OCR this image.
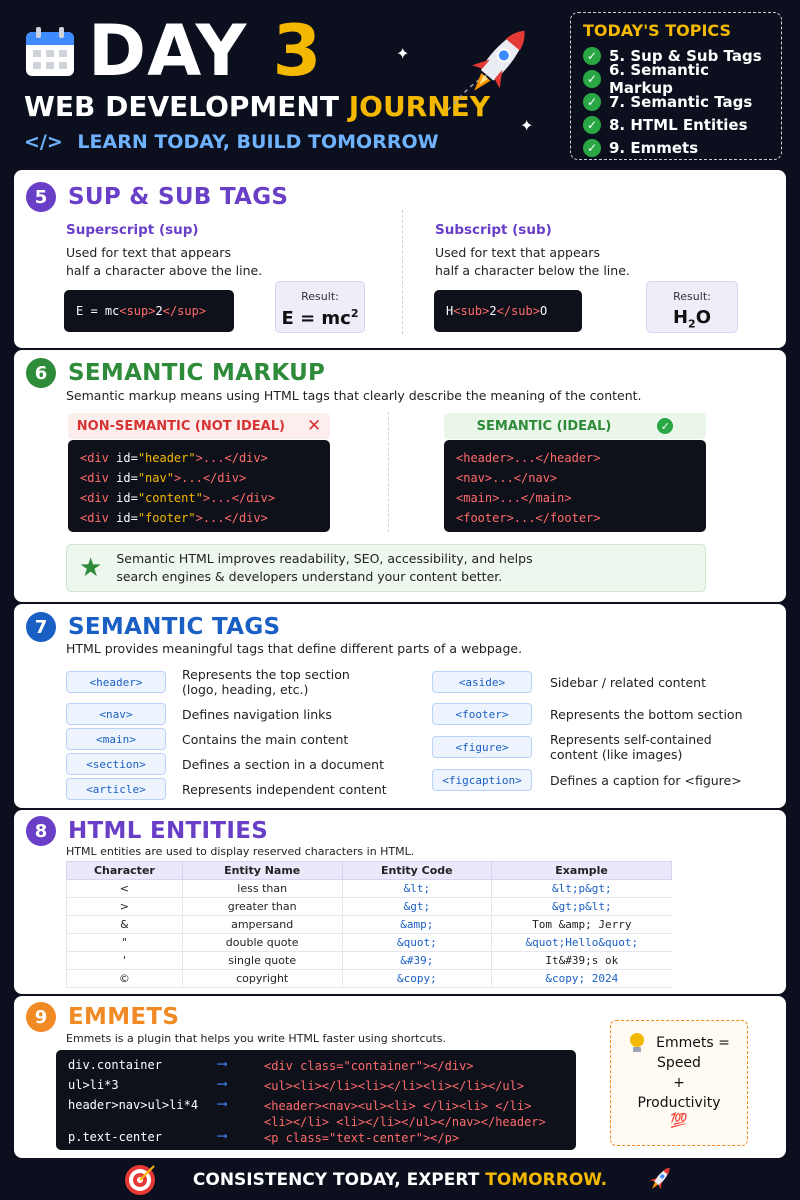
DAY 3
WEB DEVELOPMENT JOURNEY
</> LEARN TODAY, BUILD TOMORROW
✦
✦
TODAY'S TOPICS
✓ 5. Sup & Sub Tags
✓ 6. Semantic Markup
✓ 7. Semantic Tags
✓ 8. HTML Entities
✓ 9. Emmets
5 SUP & SUB TAGS
Superscript (sup)
Used for text that appears
half a character above the line.
E = mc <sup> 2 </sup>
Result:
$E = mc^2$
Subscript (sub)
Used for text that appears
half a character below the line.
H <sub> 2 </sub> O
Result:
$H_2O$
6 SEMANTIC MARKUP
Semantic markup means using HTML tags that clearly describe the meaning of the content.
NON-SEMANTIC (NOT IDEAL) ✕
<div id="header">...</div>
<div id="nav">...</div>
<div id="content">...</div>
<div id="footer">...</div>
SEMANTIC (IDEAL)	✓
<header>...</header>
<nav>...</nav>
<main>...</main>
<footer>...</footer>
★ Semantic HTML improves readability, SEO, accessibility, and helps
search engines & developers understand your content better.
7 SEMANTIC TAGS
HTML provides meaningful tags that define different parts of a webpage.
<header>	Represents the top section
(logo, heading, etc.)
<nav>	Defines navigation links
<main>	Contains the main content
<section>	Defines a section in a document
<article>	Represents independent content
<aside>	Sidebar / related content
<footer>	Represents the bottom section
<figure>	Represents self-contained
content (like images)
<figcaption>	Defines a caption for <figure>
8 HTML ENTITIES
HTML entities are used to display reserved characters in HTML.
Character	Entity Name	Entity Code	Example
<	less than	&lt;	&lt;p&gt;
>	greater than	&gt;	&gt;p&lt;
&	ampersand	&amp;	Tom &amp; Jerry
"	double quote	&quot;	&quot;Hello&quot;
'	single quote	&#39;	It&#39;s ok
©	copyright	&copy;	&copy; 2024
9 EMMETS
Emmets is a plugin that helps you write HTML faster using shortcuts.
div.container	⟶	<div class="container"></div>
ul>li*3	⟶	<ul><li></li><li></li><li></li></ul>
header>nav>ul>li*4 ⟶	<header><nav><ul><li> </li><li> </li>
<li></li> <li></li></ul></nav></header>
p.text-center	⟶	<p class="text-center"></p>
Emmets =
Speed
+
Productivity
💯
CONSISTENCY TODAY, EXPERT TOMORROW.
